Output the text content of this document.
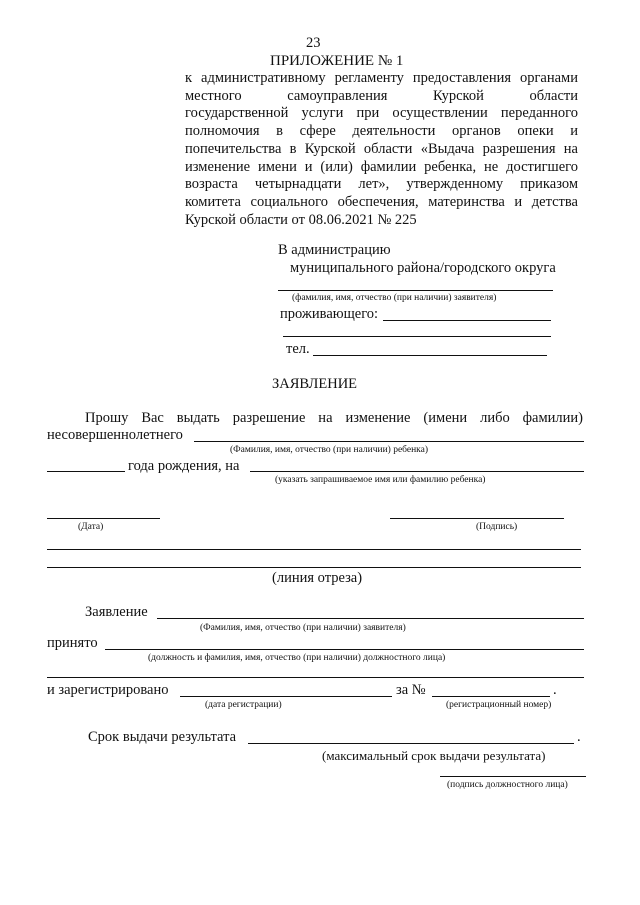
23
ПРИЛОЖЕНИЕ № 1
к административному регламенту предоставления органами
местного самоуправления Курской области
государственной услуги при осуществлении переданного
полномочия в сфере деятельности органов опеки и
попечительства в Курской области «Выдача разрешения на
изменение имени и (или) фамилии ребенка, не достигшего
возраста четырнадцати лет», утвержденному приказом
комитета социального обеспечения, материнства и детства
Курской области от 08.06.2021 № 225
В администрацию
муниципального района/городского округа
(фамилия, имя, отчество (при наличии) заявителя)
проживающего:
тел.
ЗАЯВЛЕНИЕ
Прошу Вас выдать разрешение на изменение (имени либо фамилии)
несовершеннолетнего
(Фамилия, имя, отчество (при наличии) ребенка)
года рождения, на
(указать запрашиваемое имя или фамилию ребенка)
(Дата)	(Подпись)
(линия отреза)
Заявление
(Фамилия, имя, отчество (при наличии) заявителя)
принято
(должность и фамилия, имя, отчество (при наличии) должностного лица)
и зарегистрировано	за №	.
(дата регистрации)	(регистрационный номер)
Срок выдачи результата	.
(максимальный срок выдачи результата)
(подпись должностного лица)
